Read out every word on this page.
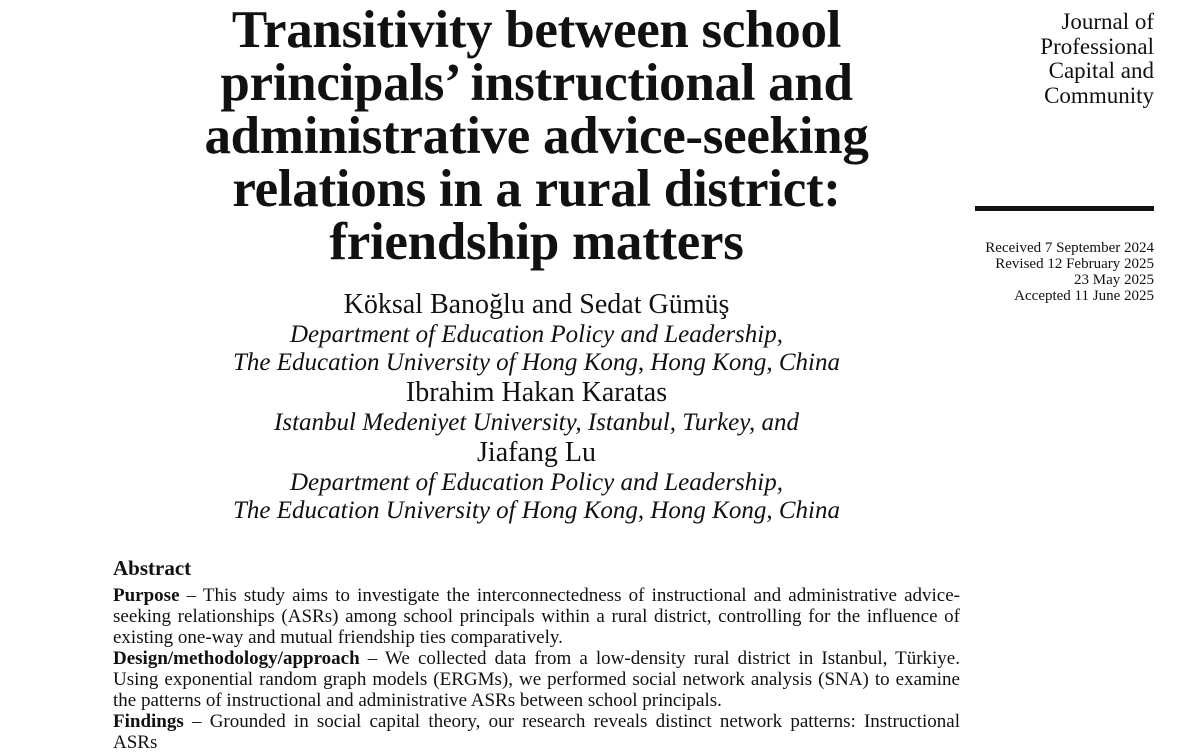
Transitivity between school principals’ instructional and administrative advice-seeking relations in a rural district: friendship matters
Köksal Banoğlu and Sedat Gümüş
Department of Education Policy and Leadership,
The Education University of Hong Kong, Hong Kong, China
Ibrahim Hakan Karatas
Istanbul Medeniyet University, Istanbul, Turkey, and
Jiafang Lu
Department of Education Policy and Leadership,
The Education University of Hong Kong, Hong Kong, China
Abstract

Purpose – This study aims to investigate the interconnectedness of instructional and administrative advice-seeking relationships (ASRs) among school principals within a rural district, controlling for the influence of existing one-way and mutual friendship ties comparatively.

Design/methodology/approach – We collected data from a low-density rural district in Istanbul, Türkiye. Using exponential random graph models (ERGMs), we performed social network analysis (SNA) to examine the patterns of instructional and administrative ASRs between school principals.

Findings – Grounded in social capital theory, our research reveals distinct network patterns: Instructional ASRs

Journal of
Professional
Capital and
Community
Received 7 September 2024
Revised 12 February 2025
23 May 2025
Accepted 11 June 2025
